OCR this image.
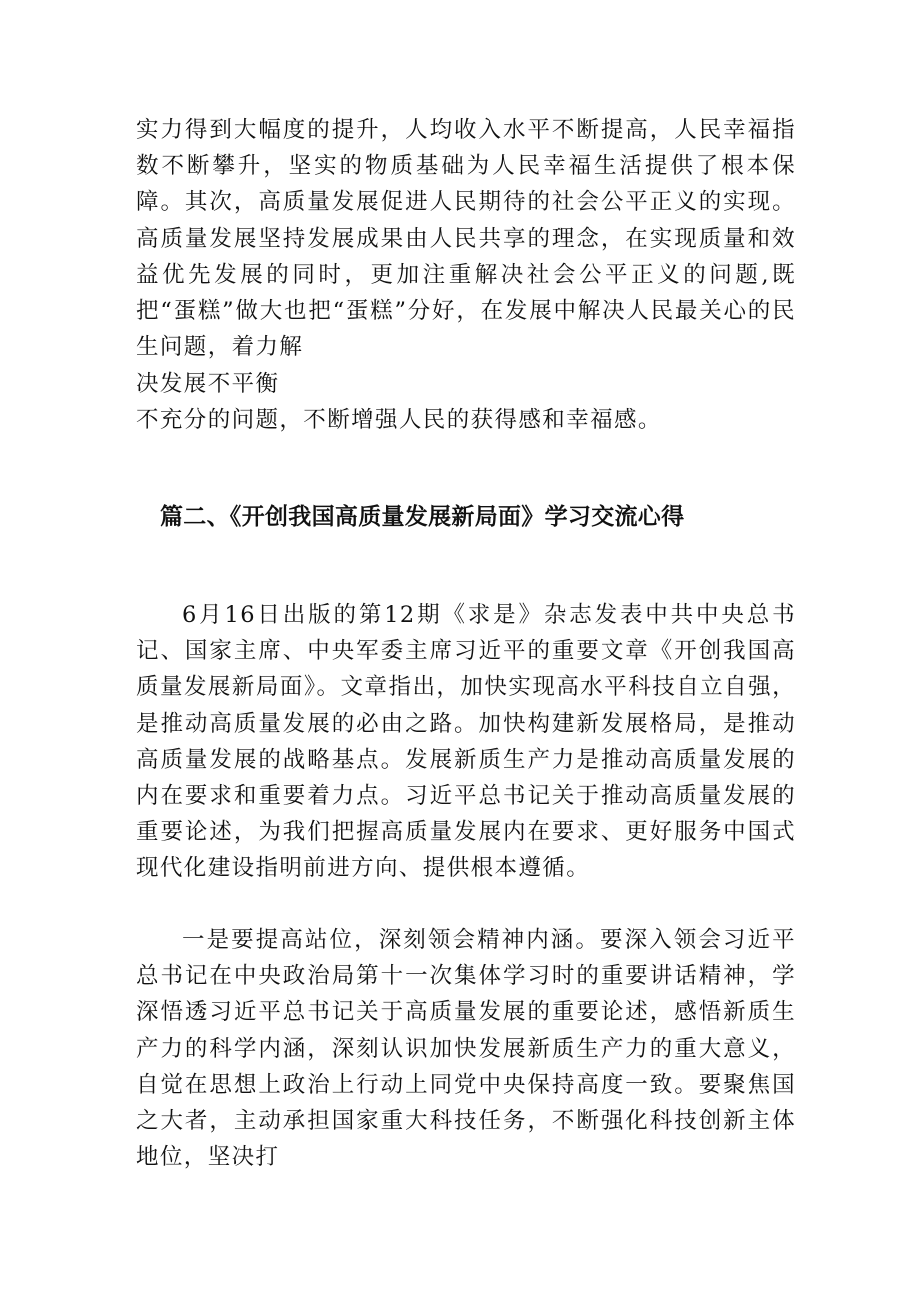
实力得到大幅度的提升，人均收入水平不断提高，人民幸福指数不断攀升，坚实的物质基础为人民幸福生活提供了根本保障。其次，高质量发展促进人民期待的社会公平正义的实现。高质量发展坚持发展成果由人民共享的理念，在实现质量和效益优先发展的同时，更加注重解决社会公平正义的问题,既把“蛋糕”做大也把“蛋糕”分好，在发展中解决人民最关心的民生问题，着力解

决发展不平衡

不充分的问题，不断增强人民的获得感和幸福感。

篇二、《开创我国高质量发展新局面》学习交流心得

6月16日出版的第12期《求是》杂志发表中共中央总书记、国家主席、中央军委主席习近平的重要文章《开创我国高质量发展新局面》。文章指出，加快实现高水平科技自立自强，是推动高质量发展的必由之路。加快构建新发展格局，是推动高质量发展的战略基点。发展新质生产力是推动高质量发展的内在要求和重要着力点。习近平总书记关于推动高质量发展的重要论述，为我们把握高质量发展内在要求、更好服务中国式现代化建设指明前进方向、提供根本遵循。

一是要提高站位，深刻领会精神内涵。要深入领会习近平总书记在中央政治局第十一次集体学习时的重要讲话精神，学深悟透习近平总书记关于高质量发展的重要论述，感悟新质生产力的科学内涵，深刻认识加快发展新质生产力的重大意义，自觉在思想上政治上行动上同党中央保持高度一致。要聚焦国之大者，主动承担国家重大科技任务，不断强化科技创新主体地位，坚决打
